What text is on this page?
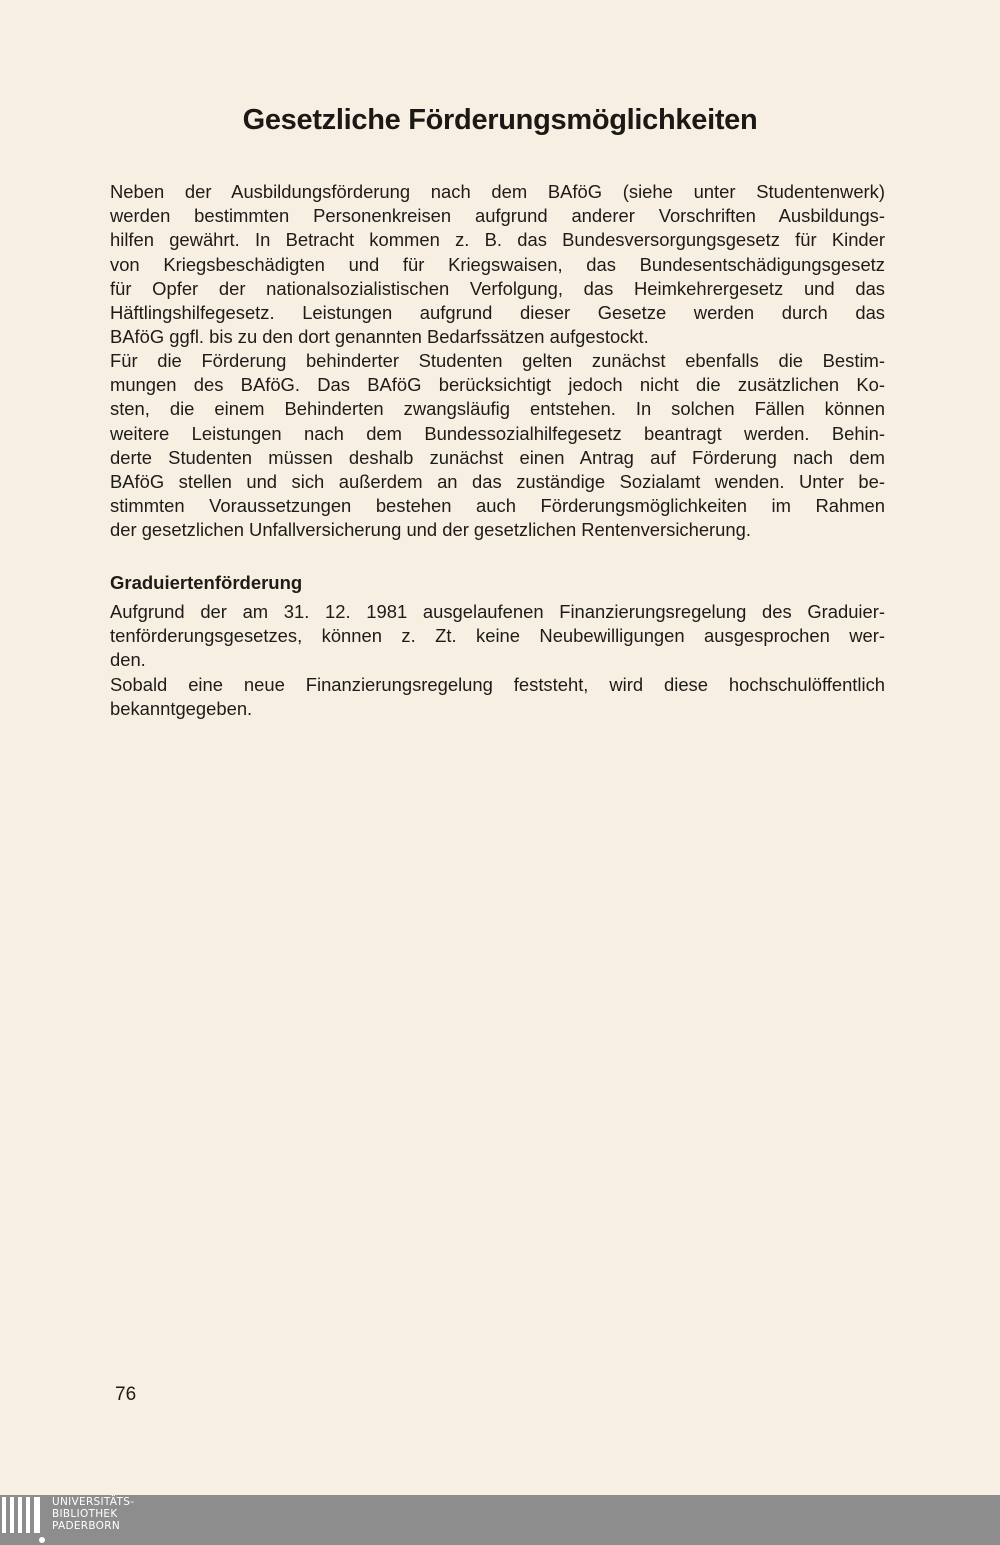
Gesetzliche Förderungsmöglichkeiten
Neben der Ausbildungsförderung nach dem BAföG (siehe unter Studentenwerk)
werden bestimmten Personenkreisen aufgrund anderer Vorschriften Ausbildungs-
hilfen gewährt. In Betracht kommen z. B. das Bundesversorgungsgesetz für Kinder
von Kriegsbeschädigten und für Kriegswaisen, das Bundesentschädigungsgesetz
für Opfer der nationalsozialistischen Verfolgung, das Heimkehrergesetz und das
Häftlingshilfegesetz. Leistungen aufgrund dieser Gesetze werden durch das
BAföG ggfl. bis zu den dort genannten Bedarfssätzen aufgestockt.
Für die Förderung behinderter Studenten gelten zunächst ebenfalls die Bestim-
mungen des BAföG. Das BAföG berücksichtigt jedoch nicht die zusätzlichen Ko-
sten, die einem Behinderten zwangsläufig entstehen. In solchen Fällen können
weitere Leistungen nach dem Bundessozialhilfegesetz beantragt werden. Behin-
derte Studenten müssen deshalb zunächst einen Antrag auf Förderung nach dem
BAföG stellen und sich außerdem an das zuständige Sozialamt wenden. Unter be-
stimmten Voraussetzungen bestehen auch Förderungsmöglichkeiten im Rahmen
der gesetzlichen Unfallversicherung und der gesetzlichen Rentenversicherung.
Graduiertenförderung
Aufgrund der am 31. 12. 1981 ausgelaufenen Finanzierungsregelung des Graduier-
tenförderungsgesetzes, können z. Zt. keine Neubewilligungen ausgesprochen wer-
den.
Sobald eine neue Finanzierungsregelung feststeht, wird diese hochschulöffentlich
bekanntgegeben.
76
UNIVERSITÄTS-
BIBLIOTHEK
PADERBORN
